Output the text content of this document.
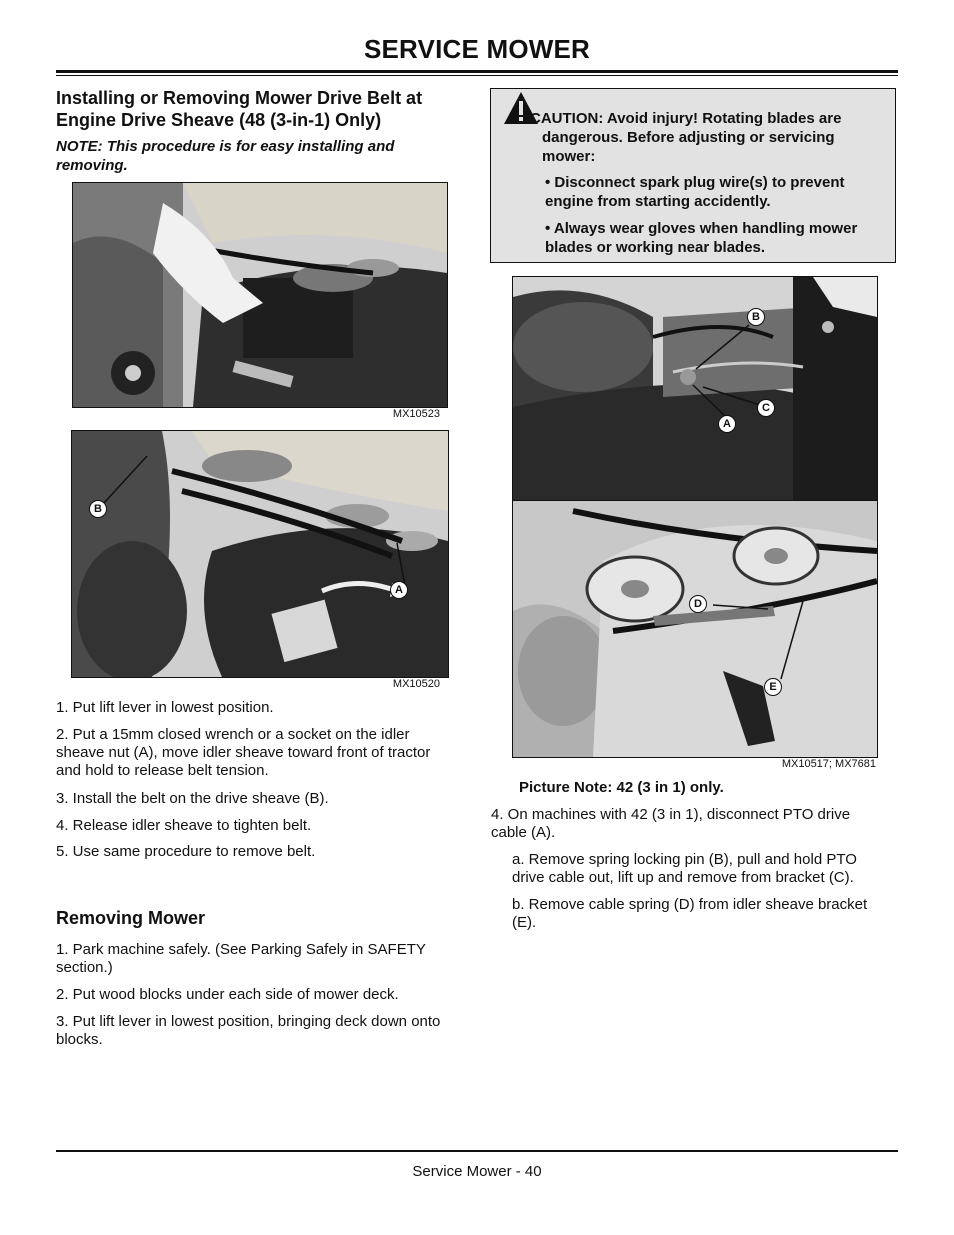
SERVICE MOWER
Installing or Removing Mower Drive Belt at Engine Drive Sheave (48 (3-in-1) Only)
NOTE: This procedure is for easy installing and removing.
MX10523
B
A
MX10520
1. Put lift lever in lowest position.
2. Put a 15mm closed wrench or a socket on the idler sheave nut (A), move idler sheave toward front of tractor and hold to release belt tension.
3. Install the belt on the drive sheave (B).
4. Release idler sheave to tighten belt.
5. Use same procedure to remove belt.
Removing Mower
1. Park machine safely. (See Parking Safely in SAFETY section.)
2. Put wood blocks under each side of mower deck.
3. Put lift lever in lowest position, bringing deck down onto blocks.
CAUTION: Avoid injury! Rotating blades are dangerous. Before adjusting or servicing mower:
• Disconnect spark plug wire(s) to prevent engine from starting accidently.
• Always wear gloves when handling mower blades or working near blades.
B
C
A
D
E
MX10517; MX7681
Picture Note: 42 (3 in 1) only.
4. On machines with 42 (3 in 1), disconnect PTO drive cable (A).
a. Remove spring locking pin (B), pull and hold PTO drive cable out, lift up and remove from bracket (C).
b. Remove cable spring (D) from idler sheave bracket (E).
Service Mower - 40
